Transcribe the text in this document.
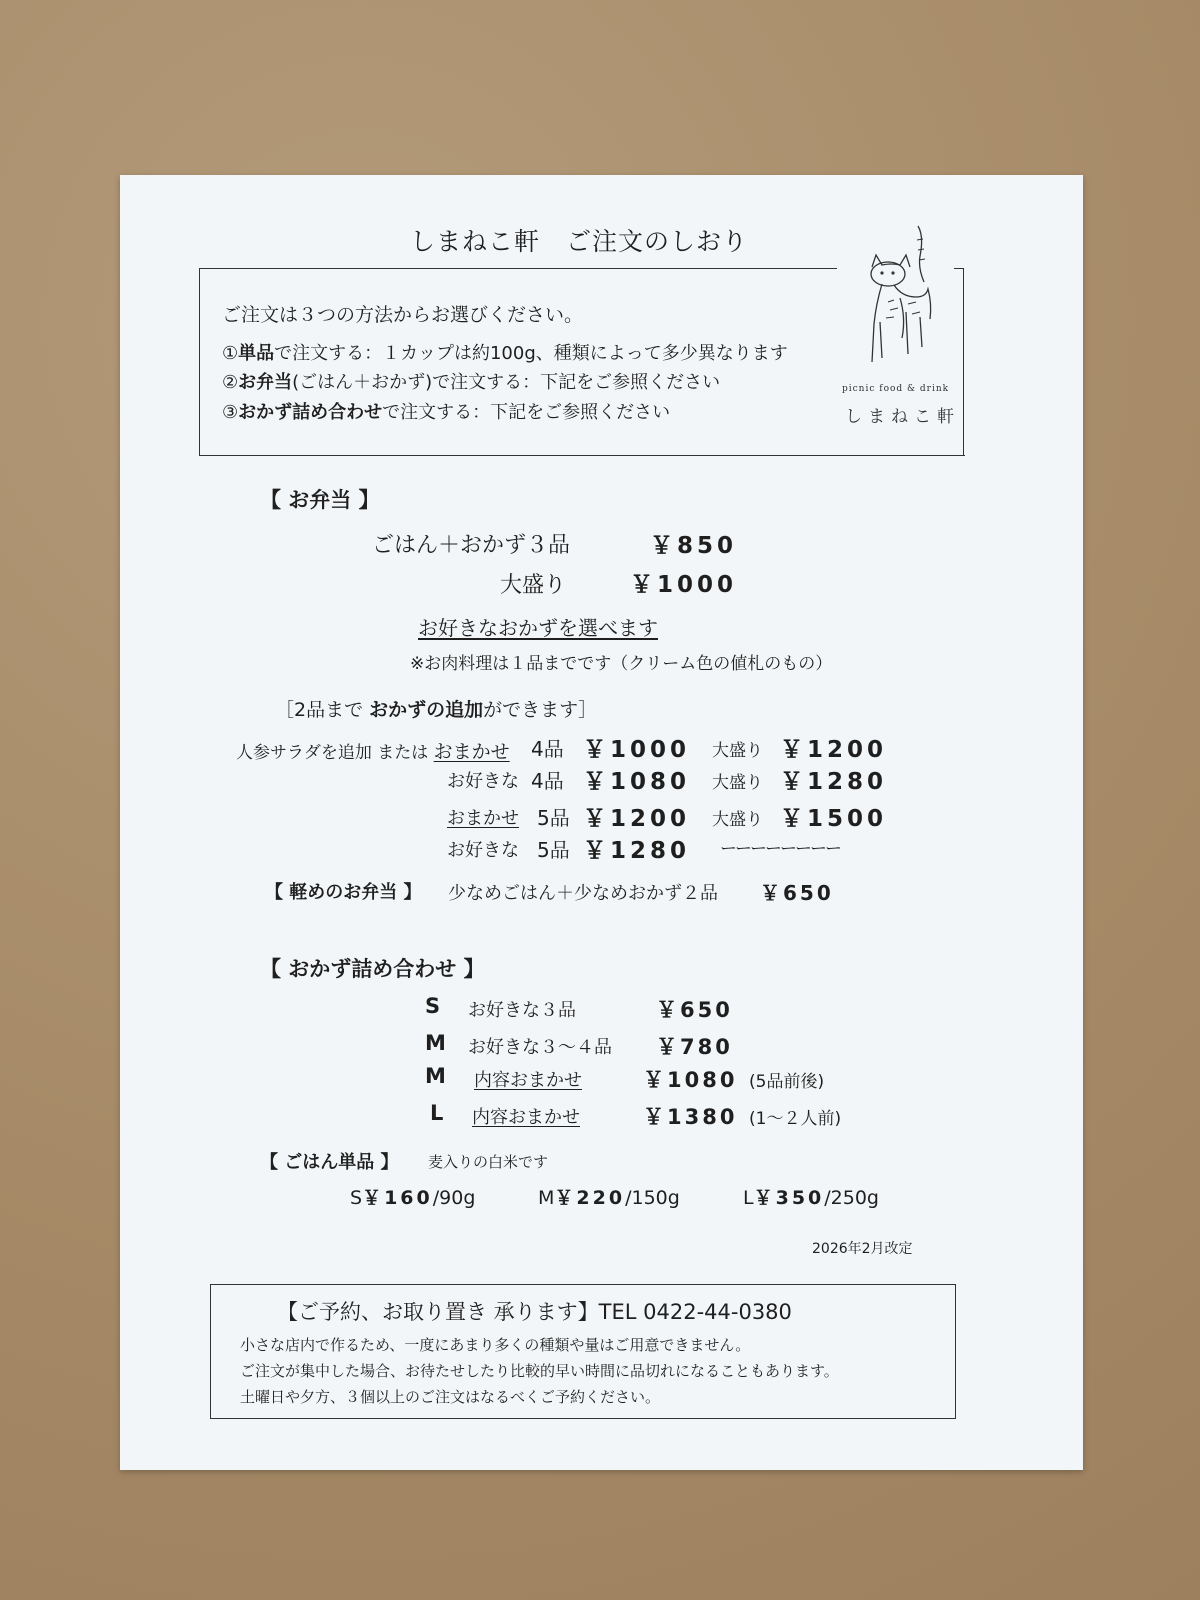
しまねこ軒　ご注文のしおり
ご注文は３つの方法からお選びください。
①単品で注文する：１カップは約100g、種類によって多少異なります
②お弁当(ごはん＋おかず)で注文する：下記をご参照ください
③おかず詰め合わせで注文する：下記をご参照ください
picnic food & drink
しまねこ軒
【 お弁当 】
ごはん＋おかず３品	￥850
大盛り	￥1000
お好きなおかずを選べます
※お肉料理は１品までです（クリーム色の値札のもの）
［2品まで おかずの追加ができます］
人参サラダを追加 または おまかせ 4品 ￥1000 大盛り ￥1200
お好きな 4品 ￥1080 大盛り ￥1280
おまかせ 5品 ￥1200 大盛り ￥1500
お好きな 5品 ￥1280 ーーーーーーーー
【 軽めのお弁当 】 少なめごはん＋少なめおかず２品 ￥650
【 おかず詰め合わせ 】
S お好きな３品	￥650
M お好きな３～４品 ￥780
M 内容おまかせ	￥1080 (5品前後)
L 内容おまかせ	￥1380 (1～２人前)
【 ごはん単品 】 麦入りの白米です
S￥160/90g	M￥220/150g	L￥350/250g
2026年2月改定
【ご予約、お取り置き 承ります】TEL 0422-44-0380
小さな店内で作るため、一度にあまり多くの種類や量はご用意できません。
ご注文が集中した場合、お待たせしたり比較的早い時間に品切れになることもあります。
土曜日や夕方、３個以上のご注文はなるべくご予約ください。
